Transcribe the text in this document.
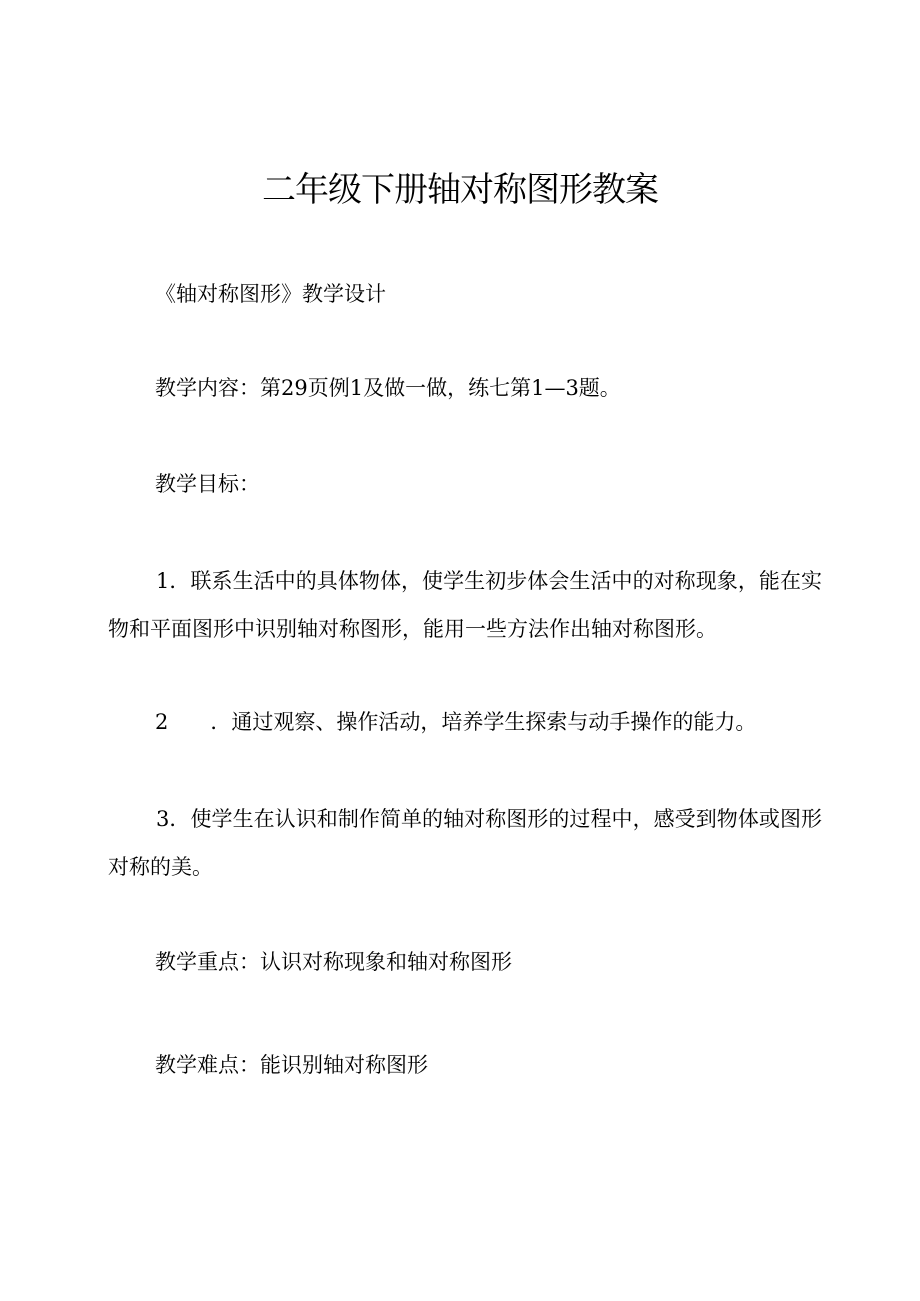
二年级下册轴对称图形教案

《轴对称图形》教学设计

教学内容：第29页例1及做一做，练七第1—3题。

教学目标：

1．联系生活中的具体物体，使学生初步体会生活中的对称现象，能在实物和平面图形中识别轴对称图形，能用一些方法作出轴对称图形。

2　　．通过观察、操作活动，培养学生探索与动手操作的能力。

3．使学生在认识和制作简单的轴对称图形的过程中，感受到物体或图形对称的美。

教学重点：认识对称现象和轴对称图形

教学难点：能识别轴对称图形
